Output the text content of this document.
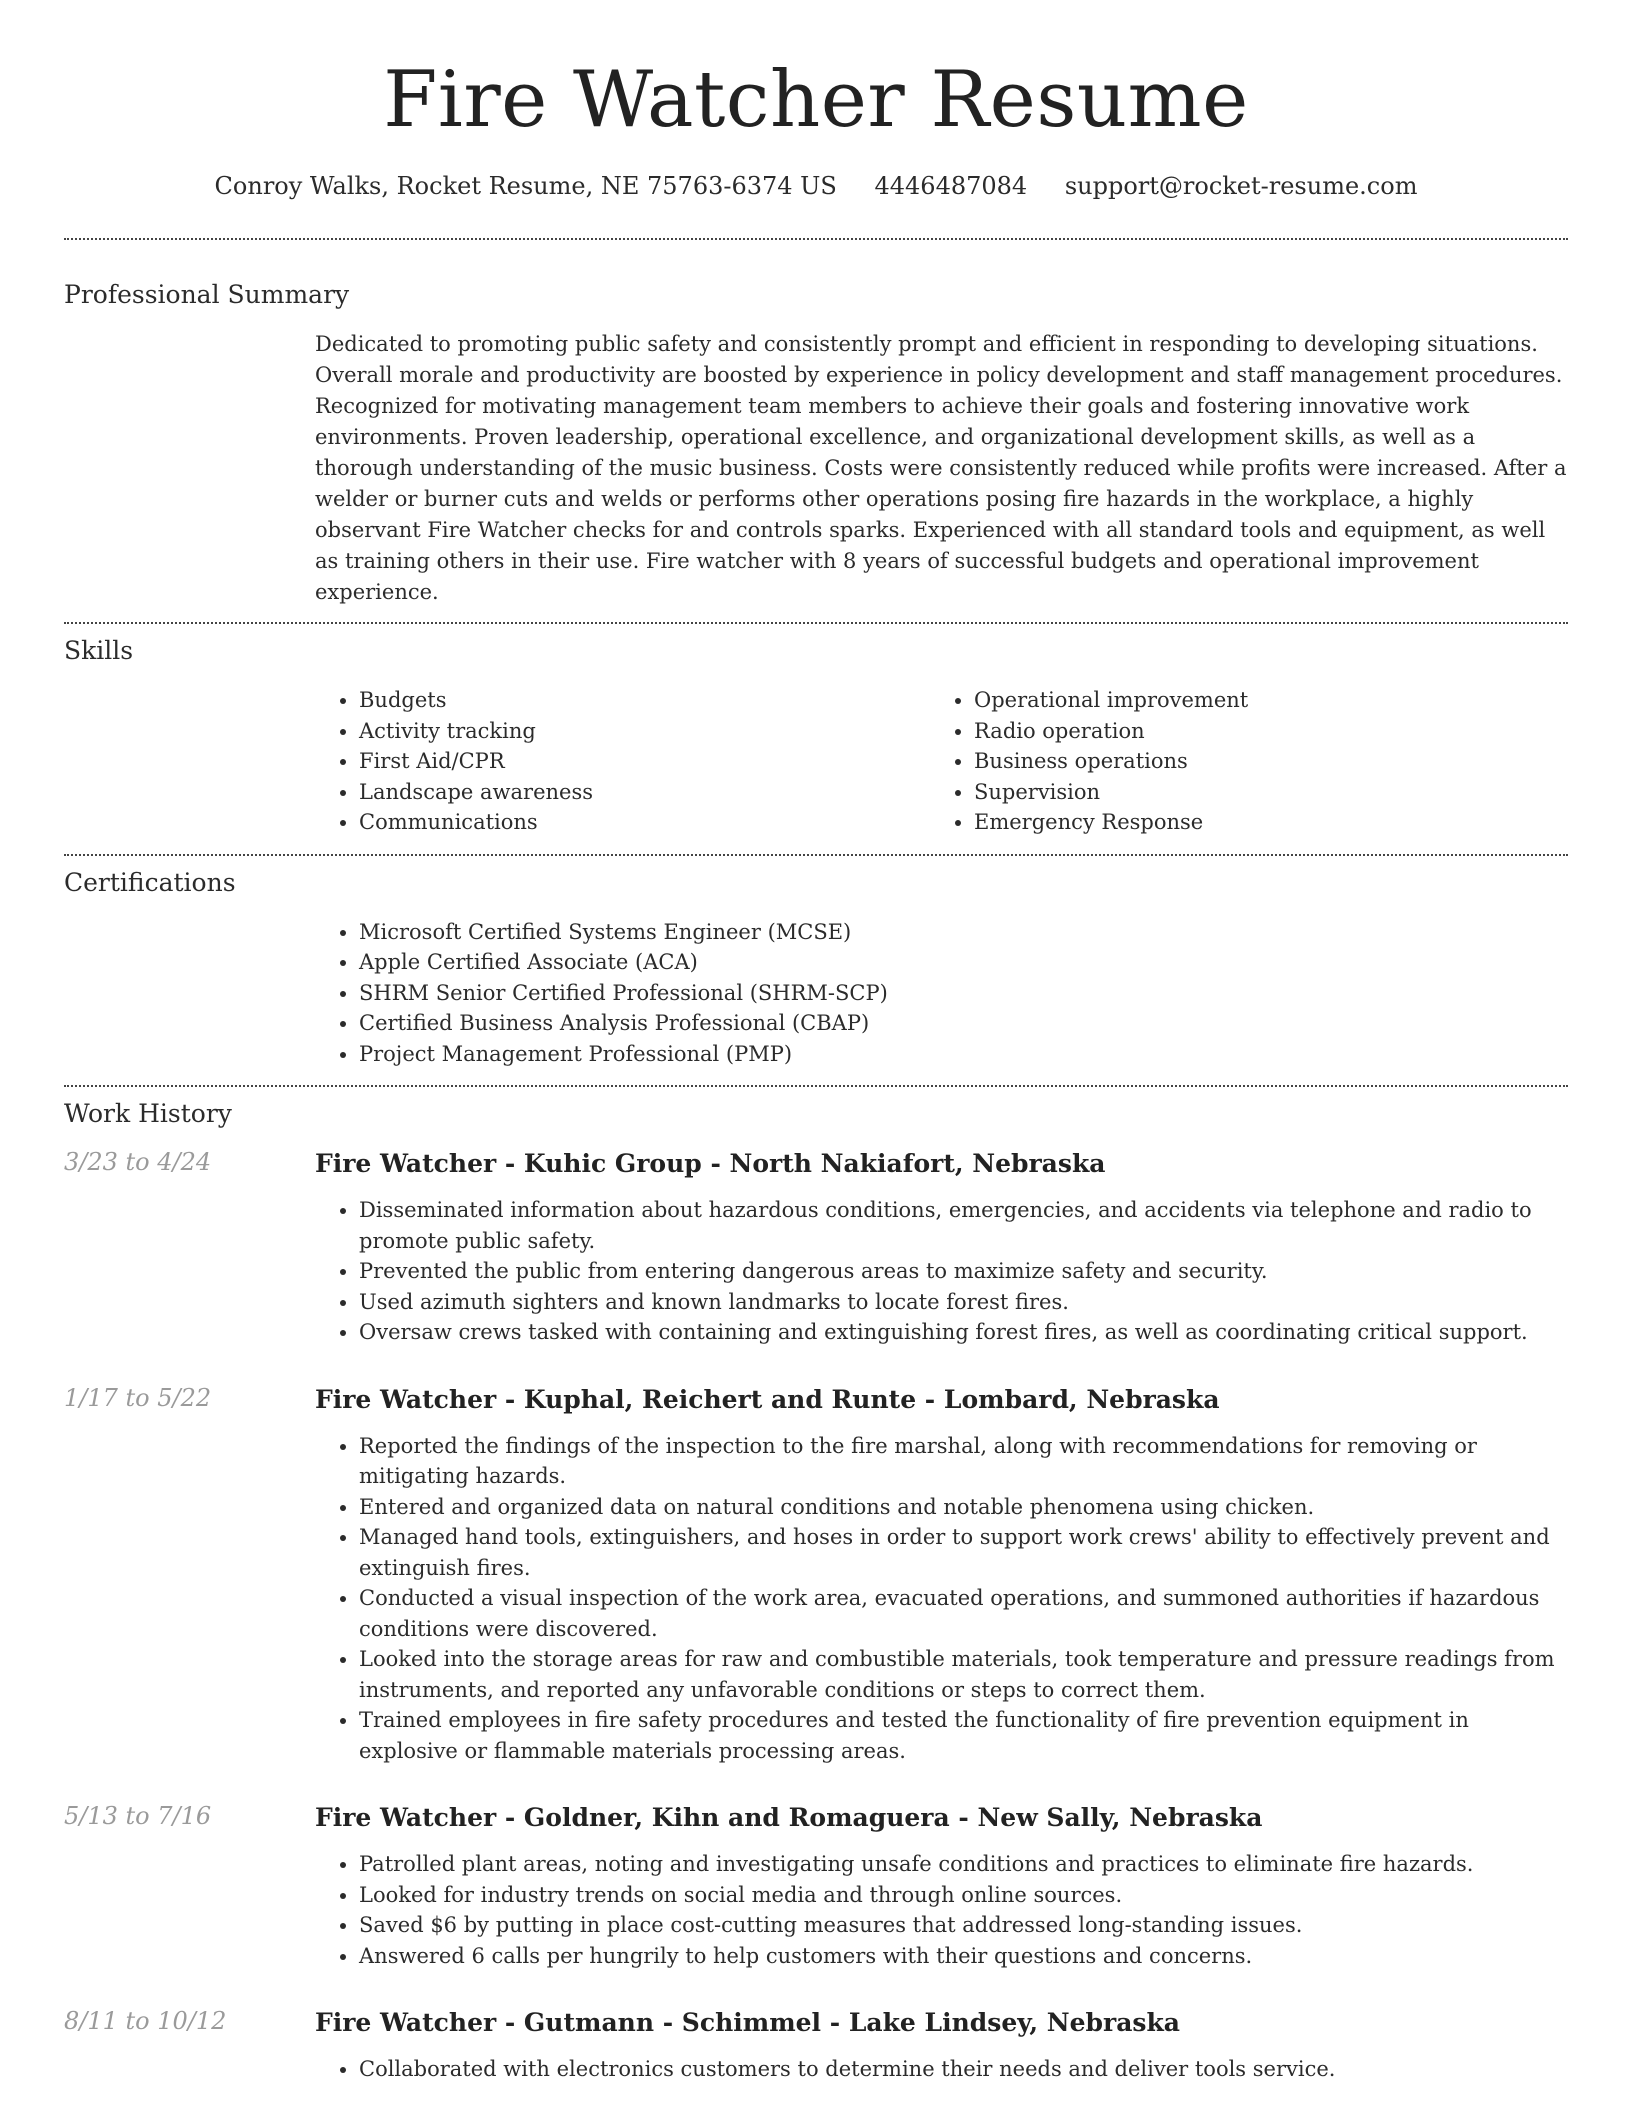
Fire Watcher Resume
Conroy Walks, Rocket Resume, NE 75763-6374 US 4446487084 support@rocket-resume.com
Professional Summary

Dedicated to promoting public safety and consistently prompt and efficient in responding to developing situations. Overall morale and productivity are boosted by experience in policy development and staff management procedures. Recognized for motivating management team members to achieve their goals and fostering innovative work environments. Proven leadership, operational excellence, and organizational development skills, as well as a thorough understanding of the music business. Costs were consistently reduced while profits were increased. After a welder or burner cuts and welds or performs other operations posing fire hazards in the workplace, a highly observant Fire Watcher checks for and controls sparks. Experienced with all standard tools and equipment, as well as training others in their use. Fire watcher with 8 years of successful budgets and operational improvement experience.

Skills
• Budgets
• Activity tracking
• First Aid/CPR
• Landscape awareness
• Communications
• Operational improvement
• Radio operation
• Business operations
• Supervision
• Emergency Response
Certifications
• Microsoft Certified Systems Engineer (MCSE)
• Apple Certified Associate (ACA)
• SHRM Senior Certified Professional (SHRM-SCP)
• Certified Business Analysis Professional (CBAP)
• Project Management Professional (PMP)
Work History
3/23 to 4/24	Fire Watcher - Kuhic Group - North Nakiafort, Nebraska
• Disseminated information about hazardous conditions, emergencies, and accidents via telephone and radio to promote public safety.
• Prevented the public from entering dangerous areas to maximize safety and security.
• Used azimuth sighters and known landmarks to locate forest fires.
• Oversaw crews tasked with containing and extinguishing forest fires, as well as coordinating critical support.
1/17 to 5/22	Fire Watcher - Kuphal, Reichert and Runte - Lombard, Nebraska
• Reported the findings of the inspection to the fire marshal, along with recommendations for removing or mitigating hazards.
• Entered and organized data on natural conditions and notable phenomena using chicken.
• Managed hand tools, extinguishers, and hoses in order to support work crews' ability to effectively prevent and extinguish fires.
• Conducted a visual inspection of the work area, evacuated operations, and summoned authorities if hazardous conditions were discovered.
• Looked into the storage areas for raw and combustible materials, took temperature and pressure readings from instruments, and reported any unfavorable conditions or steps to correct them.
• Trained employees in fire safety procedures and tested the functionality of fire prevention equipment in explosive or flammable materials processing areas.
5/13 to 7/16	Fire Watcher - Goldner, Kihn and Romaguera - New Sally, Nebraska
• Patrolled plant areas, noting and investigating unsafe conditions and practices to eliminate fire hazards.
• Looked for industry trends on social media and through online sources.
• Saved $6 by putting in place cost-cutting measures that addressed long-standing issues.
• Answered 6 calls per hungrily to help customers with their questions and concerns.
8/11 to 10/12	Fire Watcher - Gutmann - Schimmel - Lake Lindsey, Nebraska
• Collaborated with electronics customers to determine their needs and deliver tools service.
